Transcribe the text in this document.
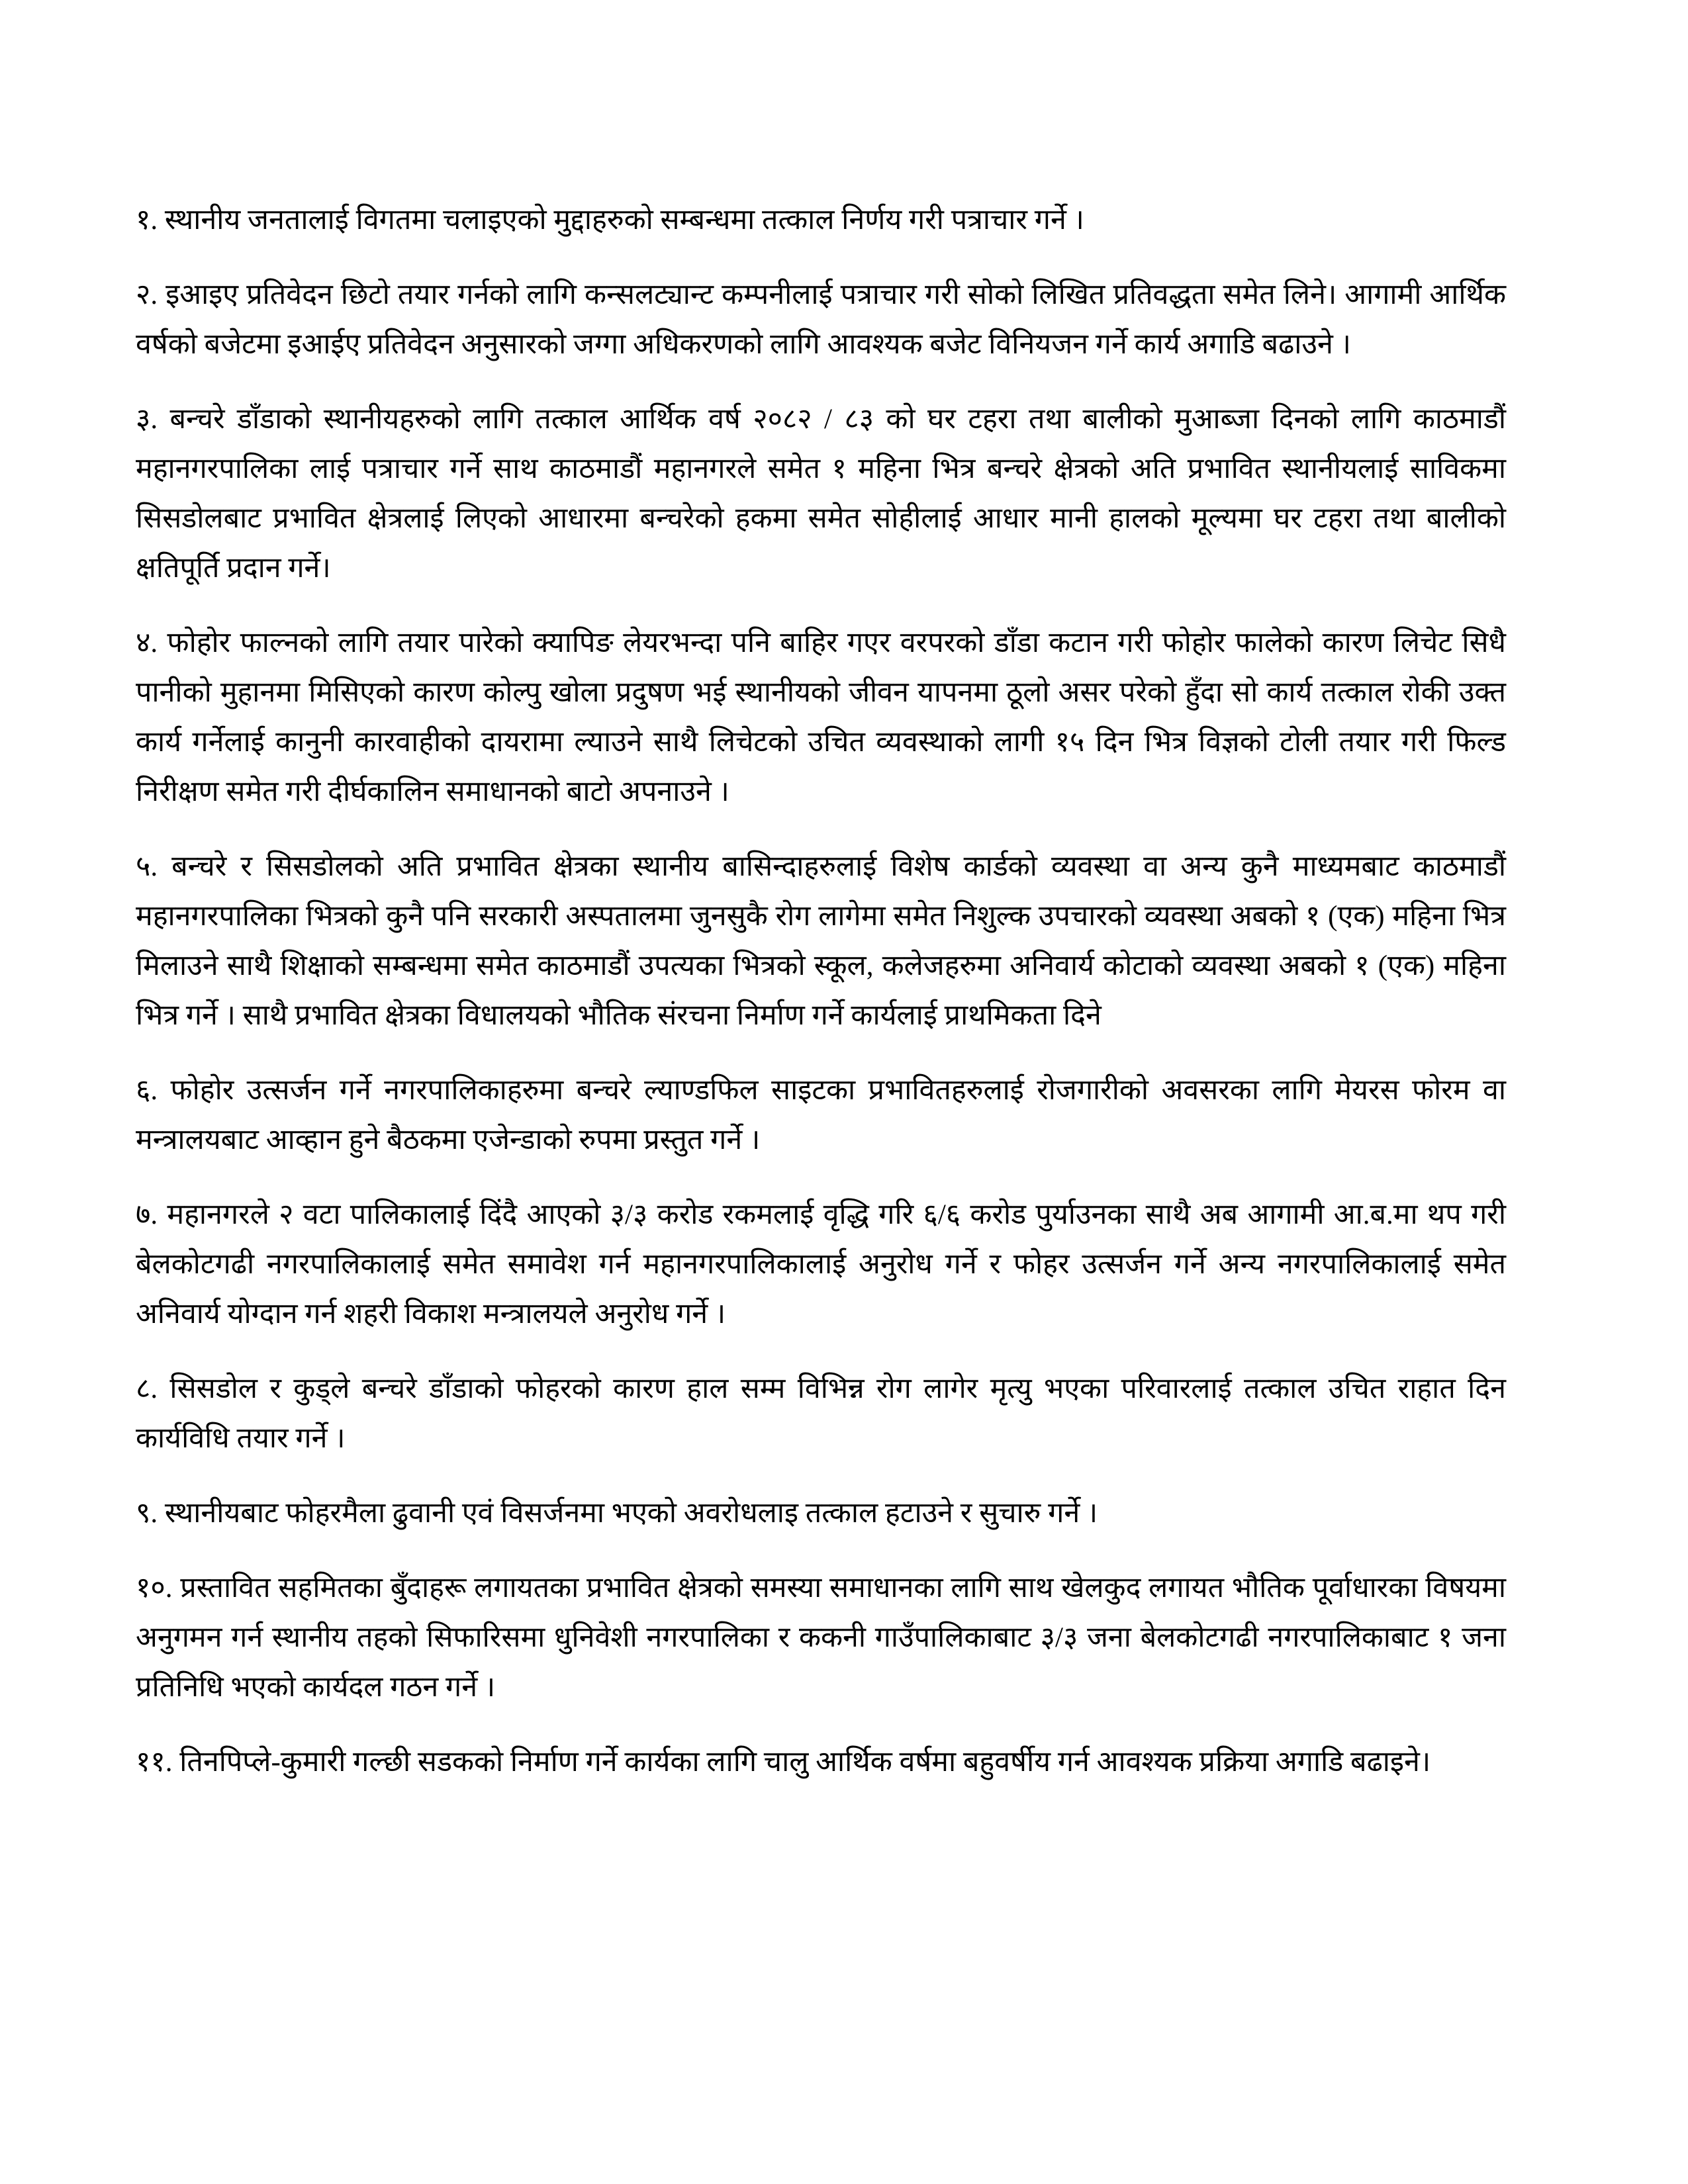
१. स्थानीय जनतालाई विगतमा चलाइएको मुद्दाहरुको सम्बन्धमा तत्काल निर्णय गरी पत्राचार गर्ने ।

२. इआइए प्रतिवेदन छिटो तयार गर्नको लागि कन्सलट्यान्ट कम्पनीलाई पत्राचार गरी सोको लिखित प्रतिवद्धता समेत लिने। आगामी आर्थिक वर्षको बजेटमा इआईए प्रतिवेदन अनुसारको जग्गा अधिकरणको लागि आवश्यक बजेट विनियजन गर्ने कार्य अगाडि बढाउने ।

३. बन्चरे डाँडाको स्थानीयहरुको लागि तत्काल आर्थिक वर्ष २०८२ / ८३ को घर टहरा तथा बालीको मुआब्जा दिनको लागि काठमाडौं महानगरपालिका लाई पत्राचार गर्ने साथ काठमाडौं महानगरले समेत १ महिना भित्र बन्चरे क्षेत्रको अति प्रभावित स्थानीयलाई साविकमा सिसडोलबाट प्रभावित क्षेत्रलाई लिएको आधारमा बन्चरेको हकमा समेत सोहीलाई आधार मानी हालको मूल्यमा घर टहरा तथा बालीको क्षतिपूर्ति प्रदान गर्ने।

४. फोहोर फाल्नको लागि तयार पारेको क्यापिङ लेयरभन्दा पनि बाहिर गएर वरपरको डाँडा कटान गरी फोहोर फालेको कारण लिचेट सिधै पानीको मुहानमा मिसिएको कारण कोल्पु खोला प्रदुषण भई स्थानीयको जीवन यापनमा ठूलो असर परेको हुँदा सो कार्य तत्काल रोकी उक्त कार्य गर्नेलाई कानुनी कारवाहीको दायरामा ल्याउने साथै लिचेटको उचित व्यवस्थाको लागी १५ दिन भित्र विज्ञको टोली तयार गरी फिल्ड निरीक्षण समेत गरी दीर्घकालिन समाधानको बाटो अपनाउने ।

५. बन्चरे र सिसडोलको अति प्रभावित क्षेत्रका स्थानीय बासिन्दाहरुलाई विशेष कार्डको व्यवस्था वा अन्य कुनै माध्यमबाट काठमाडौं महानगरपालिका भित्रको कुनै पनि सरकारी अस्पतालमा जुनसुकै रोग लागेमा समेत निशुल्क उपचारको व्यवस्था अबको १ (एक) महिना भित्र मिलाउने साथै शिक्षाको सम्बन्धमा समेत काठमाडौं उपत्यका भित्रको स्कूल, कलेजहरुमा अनिवार्य कोटाको व्यवस्था अबको १ (एक) महिना भित्र गर्ने । साथै प्रभावित क्षेत्रका विधालयको भौतिक संरचना निर्माण गर्ने कार्यलाई प्राथमिकता दिने

६. फोहोर उत्सर्जन गर्ने नगरपालिकाहरुमा बन्चरे ल्याण्डफिल साइटका प्रभावितहरुलाई रोजगारीको अवसरका लागि मेयरस फोरम वा मन्त्रालयबाट आव्हान हुने बैठकमा एजेन्डाको रुपमा प्रस्तुत गर्ने ।

७. महानगरले २ वटा पालिकालाई दिंदै आएको ३/३ करोड रकमलाई वृद्धि गरि ६/६ करोड पुर्याउनका साथै अब आगामी आ.ब.मा थप गरी बेलकोटगढी नगरपालिकालाई समेत समावेश गर्न महानगरपालिकालाई अनुरोध गर्ने र फोहर उत्सर्जन गर्ने अन्य नगरपालिकालाई समेत अनिवार्य योग्दान गर्न शहरी विकाश मन्त्रालयले अनुरोध गर्ने ।

८. सिसडोल र कुड्ले बन्चरे डाँडाको फोहरको कारण हाल सम्म विभिन्न रोग लागेर मृत्यु भएका परिवारलाई तत्काल उचित राहात दिन कार्यविधि तयार गर्ने ।

९. स्थानीयबाट फोहरमैला ढुवानी एवं विसर्जनमा भएको अवरोधलाइ तत्काल हटाउने र सुचारु गर्ने ।

१०. प्रस्तावित सहमितका बुँदाहरू लगायतका प्रभावित क्षेत्रको समस्या समाधानका लागि साथ खेलकुद लगायत भौतिक पूर्वाधारका विषयमा अनुगमन गर्न स्थानीय तहको सिफारिसमा धुनिवेशी नगरपालिका र ककनी गाउँपालिकाबाट ३/३ जना बेलकोटगढी नगरपालिकाबाट १ जना प्रतिनिधि भएको कार्यदल गठन गर्ने ।

११. तिनपिप्ले-कुमारी गल्छी सडकको निर्माण गर्ने कार्यका लागि चालु आर्थिक वर्षमा बहुवर्षीय गर्न आवश्यक प्रक्रिया अगाडि बढाइने।
